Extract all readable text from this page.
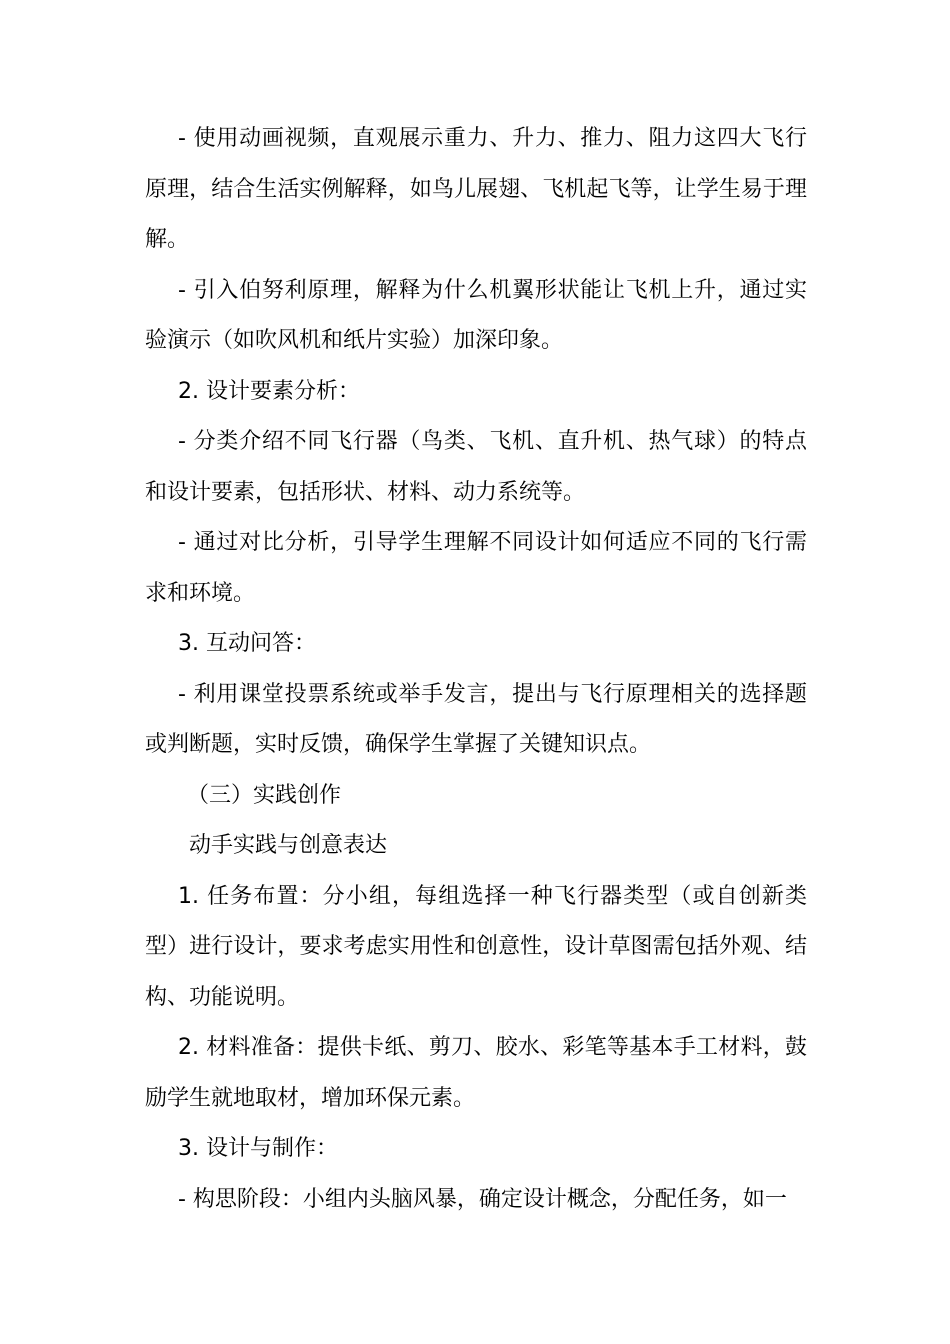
- 使用动画视频，直观展示重力、升力、推力、阻力这四大飞行原理，结合生活实例解释，如鸟儿展翅、飞机起飞等，让学生易于理解。

- 引入伯努利原理，解释为什么机翼形状能让飞机上升，通过实验演示（如吹风机和纸片实验）加深印象。

2. 设计要素分析：

- 分类介绍不同飞行器（鸟类、飞机、直升机、热气球）的特点和设计要素，包括形状、材料、动力系统等。

- 通过对比分析，引导学生理解不同设计如何适应不同的飞行需求和环境。

3. 互动问答：

- 利用课堂投票系统或举手发言，提出与飞行原理相关的选择题或判断题，实时反馈，确保学生掌握了关键知识点。

（三）实践创作

动手实践与创意表达

1. 任务布置：分小组，每组选择一种飞行器类型（或自创新类型）进行设计，要求考虑实用性和创意性，设计草图需包括外观、结构、功能说明。

2. 材料准备：提供卡纸、剪刀、胶水、彩笔等基本手工材料，鼓励学生就地取材，增加环保元素。

3. 设计与制作：

- 构思阶段：小组内头脑风暴，确定设计概念，分配任务，如一
